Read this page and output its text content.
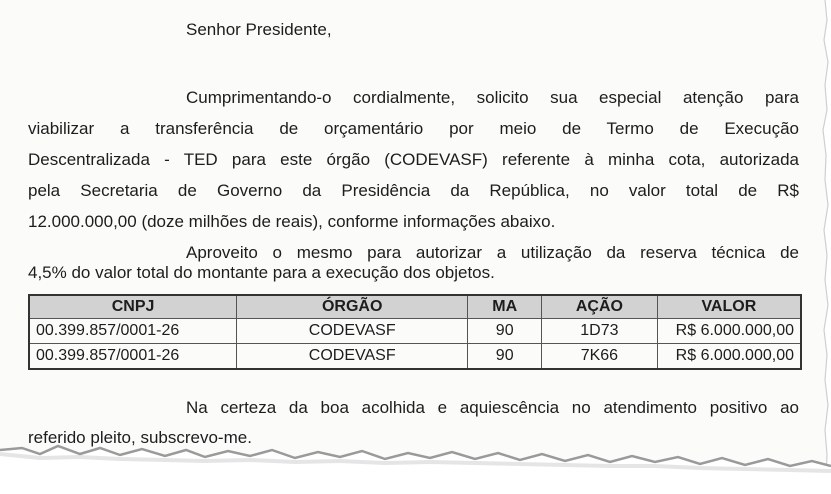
Senhor Presidente,
Cumprimentando-o cordialmente, solicito sua especial atenção para
viabilizar a transferência de orçamentário por meio de Termo de Execução
Descentralizada - TED para este órgão (CODEVASF) referente à minha cota, autorizada
pela Secretaria de Governo da Presidência da República, no valor total de R$
12.000.000,00 (doze milhões de reais), conforme informações abaixo.
Aproveito o mesmo para autorizar a utilização da reserva técnica de
4,5% do valor total do montante para a execução dos objetos.
CNPJ	ÓRGÃO	MA	AÇÃO	VALOR
00.399.857/0001-26	CODEVASF	90	1D73	R$ 6.000.000,00
00.399.857/0001-26	CODEVASF	90	7K66	R$ 6.000.000,00
Na certeza da boa acolhida e aquiescência no atendimento positivo ao
referido pleito, subscrevo-me.
